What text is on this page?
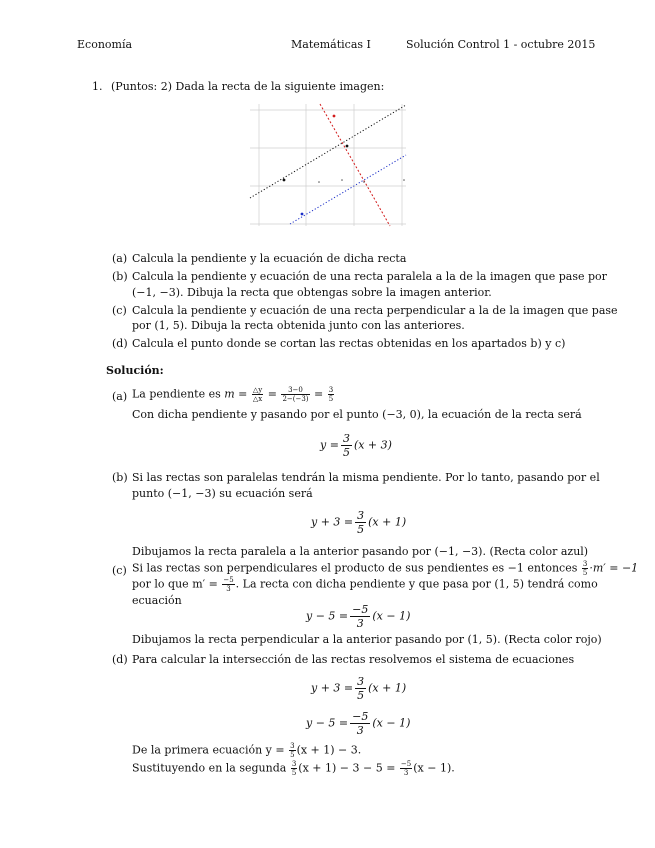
Economía	Matemáticas I	Solución Control 1 - octubre 2015
1. (Puntos: 2) Dada la recta de la siguiente imagen:
(a) Calcula la pendiente y la ecuación de dicha recta
(b) Calcula la pendiente y ecuación de una recta paralela a la de la imagen que pase por
(−1, −3). Dibuja la recta que obtengas sobre la imagen anterior.
(c) Calcula la pendiente y ecuación de una recta perpendicular a la de la imagen que pase
por (1, 5). Dibuja la recta obtenida junto con las anteriores.
(d) Calcula el punto donde se cortan las rectas obtenidas en los apartados b) y c)
Solución:
(a) La pendiente es $m = \frac{\triangle y}{\triangle x} = \frac{3-0}{2-(-3)} = \frac{3}{5}$
Con dicha pendiente y pasando por el punto (−3, 0), la ecuación de la recta será
$y = \frac{3}{5} (x + 3)$
(b) Si las rectas son paralelas tendrán la misma pendiente. Por lo tanto, pasando por el
punto (−1, −3) su ecuación será
$y + 3 = \frac{3}{5} (x + 1)$
Dibujamos la recta paralela a la anterior pasando por (−1, −3). (Recta color azul)
(c) Si las rectas son perpendiculares el producto de sus pendientes es −1 entonces $\frac{3}{5} \cdot m' = -1$
por lo que $m' = \frac{-5}{3}$ . La recta con dicha pendiente y que pasa por (1, 5) tendrá como
ecuación
$y - 5 = \frac{-5}{3} (x - 1)$
Dibujamos la recta perpendicular a la anterior pasando por (1, 5). (Recta color rojo)
(d) Para calcular la intersección de las rectas resolvemos el sistema de ecuaciones
$y + 3 = \frac{3}{5} (x + 1)$
$y - 5 = \frac{-5}{3} (x - 1)$
De la primera ecuación $y = \frac{3}{5} (x + 1) - 3$.
Sustituyendo en la segunda $\frac{3}{5} (x + 1) - 3 - 5 = \frac{-5}{3} (x - 1)$.
